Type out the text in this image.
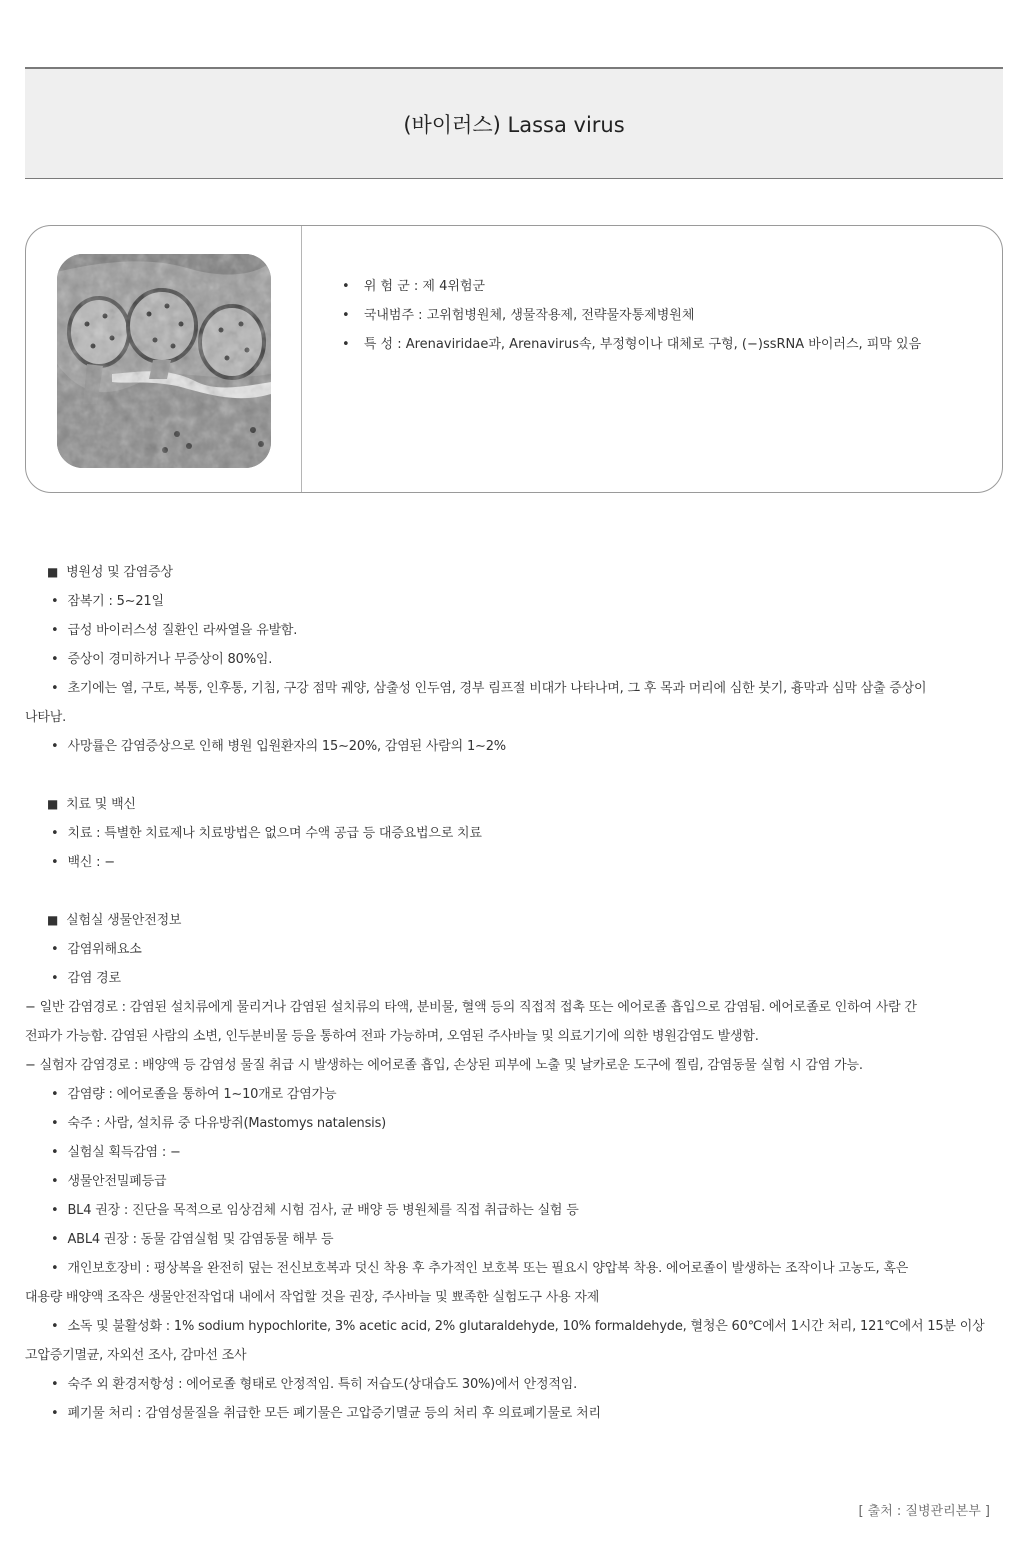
(바이러스) Lassa virus
• 위 험 군 : 제 4위험군
• 국내범주 : 고위험병원체, 생물작용제, 전략물자통제병원체
• 특 성 : Arenaviridae과, Arenavirus속, 부정형이나 대체로 구형, (−)ssRNA 바이러스, 피막 있음

■ 병원성 및 감염증상

• 잠복기 : 5∼21일

• 급성 바이러스성 질환인 라싸열을 유발함.

• 증상이 경미하거나 무증상이 80%임.

• 초기에는 열, 구토, 복통, 인후통, 기침, 구강 점막 궤양, 삼출성 인두염, 경부 림프절 비대가 나타나며, 그 후 목과 머리에 심한 붓기, 흉막과 심막 삼출 증상이

나타남.

• 사망률은 감염증상으로 인해 병원 입원환자의 15∼20%, 감염된 사람의 1∼2%

■ 치료 및 백신

• 치료 : 특별한 치료제나 치료방법은 없으며 수액 공급 등 대증요법으로 치료

• 백신 : −

■ 실험실 생물안전정보

• 감염위해요소

• 감염 경로

− 일반 감염경로 : 감염된 설치류에게 물리거나 감염된 설치류의 타액, 분비물, 혈액 등의 직접적 접촉 또는 에어로졸 흡입으로 감염됨. 에어로졸로 인하여 사람 간

전파가 가능함. 감염된 사람의 소변, 인두분비물 등을 통하여 전파 가능하며, 오염된 주사바늘 및 의료기기에 의한 병원감염도 발생함.

− 실험자 감염경로 : 배양액 등 감염성 물질 취급 시 발생하는 에어로졸 흡입, 손상된 피부에 노출 및 날카로운 도구에 찔림, 감염동물 실험 시 감염 가능.

• 감염량 : 에어로졸을 통하여 1∼10개로 감염가능

• 숙주 : 사람, 설치류 중 다유방쥐(Mastomys natalensis)

• 실험실 획득감염 : −

• 생물안전밀폐등급

• BL4 권장 : 진단을 목적으로 임상검체 시험 검사, 균 배양 등 병원체를 직접 취급하는 실험 등

• ABL4 권장 : 동물 감염실험 및 감염동물 해부 등

• 개인보호장비 : 평상복을 완전히 덮는 전신보호복과 덧신 착용 후 추가적인 보호복 또는 필요시 양압복 착용. 에어로졸이 발생하는 조작이나 고농도, 혹은

대용량 배양액 조작은 생물안전작업대 내에서 작업할 것을 권장, 주사바늘 및 뾰족한 실험도구 사용 자제

• 소독 및 불활성화 : 1% sodium hypochlorite, 3% acetic acid, 2% glutaraldehyde, 10% formaldehyde, 혈청은 60℃에서 1시간 처리, 121℃에서 15분 이상

고압증기멸균, 자외선 조사, 감마선 조사

• 숙주 외 환경저항성 : 에어로졸 형태로 안정적임. 특히 저습도(상대습도 30%)에서 안정적임.

• 폐기물 처리 : 감염성물질을 취급한 모든 폐기물은 고압증기멸균 등의 처리 후 의료폐기물로 처리

[ 출처 : 질병관리본부 ]
